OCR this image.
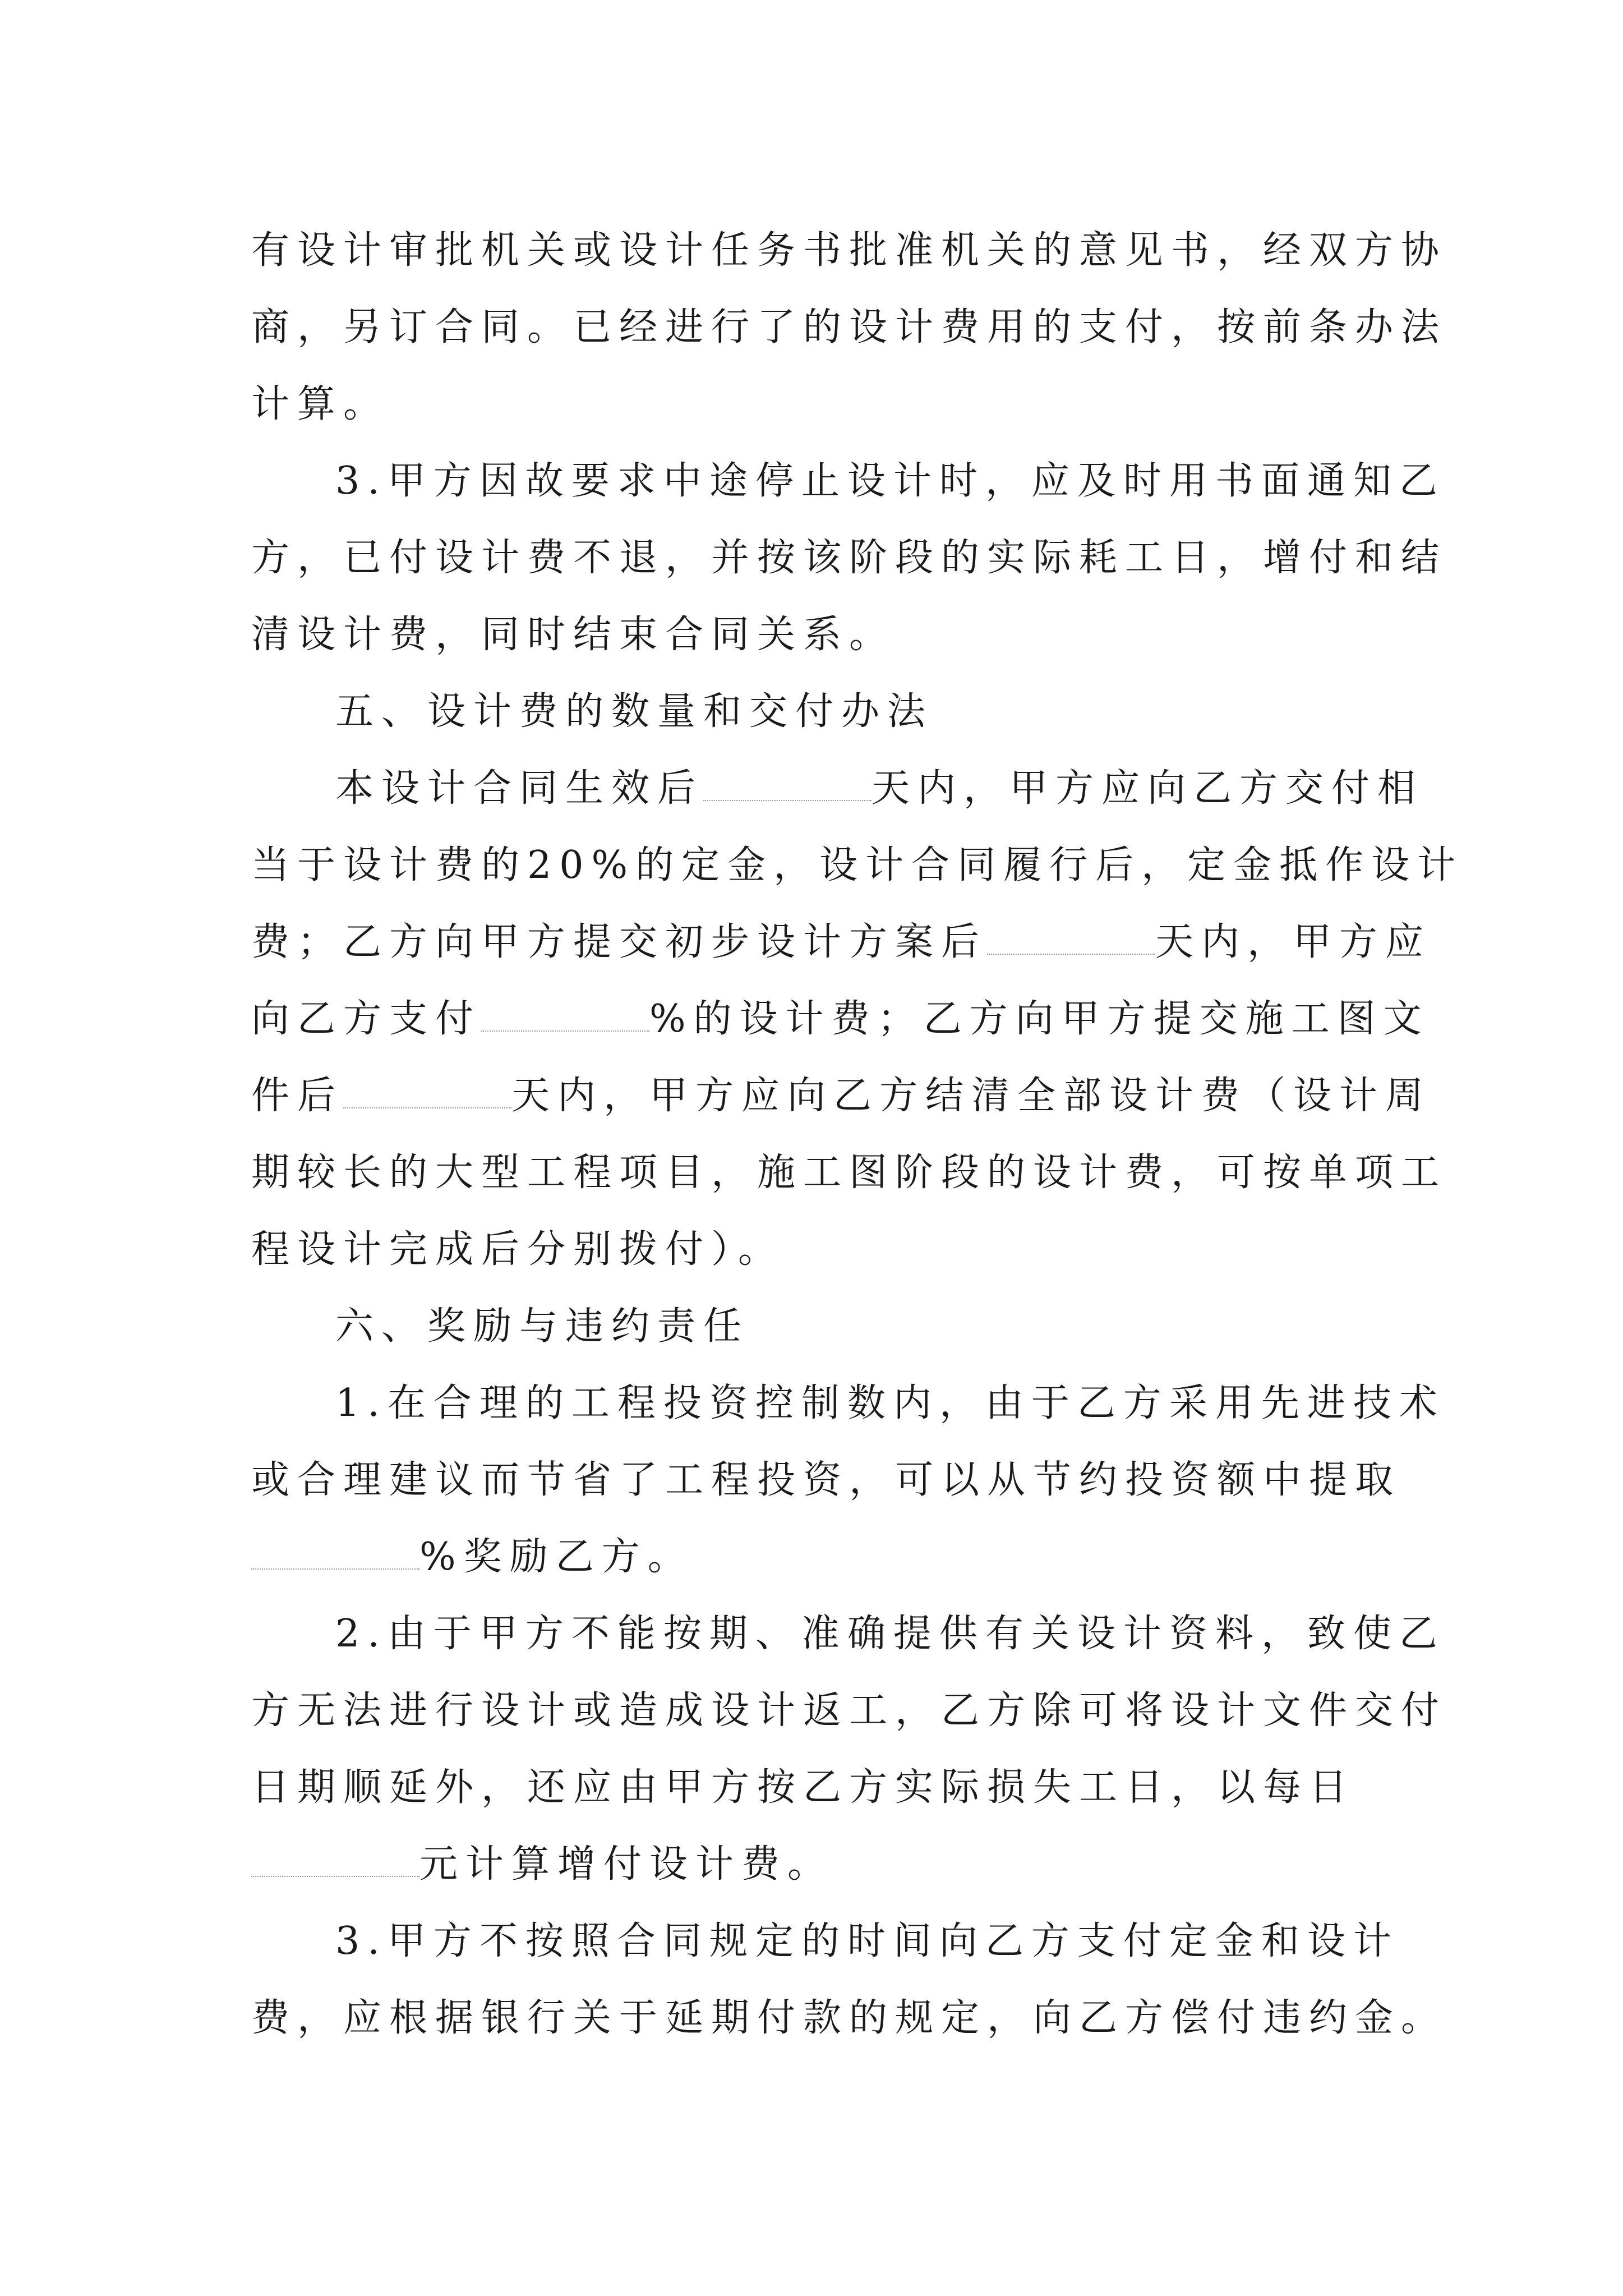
有设计审批机关或设计任务书批准机关的意见书，经双方协
商，另订合同。已经进行了的设计费用的支付，按前条办法
计算。
3.甲方因故要求中途停止设计时，应及时用书面通知乙
方，已付设计费不退，并按该阶段的实际耗工日，增付和结
清设计费，同时结束合同关系。
五、设计费的数量和交付办法
本设计合同生效后	天内，甲方应向乙方交付相
当于设计费的20%的定金，设计合同履行后，定金抵作设计
费；乙方向甲方提交初步设计方案后	天内，甲方应
向乙方支付	%的设计费；乙方向甲方提交施工图文
件后	天内，甲方应向乙方结清全部设计费（设计周
期较长的大型工程项目，施工图阶段的设计费，可按单项工
程设计完成后分别拨付）。
六、奖励与违约责任
1.在合理的工程投资控制数内，由于乙方采用先进技术
或合理建议而节省了工程投资，可以从节约投资额中提取
%奖励乙方。
2.由于甲方不能按期、准确提供有关设计资料，致使乙
方无法进行设计或造成设计返工，乙方除可将设计文件交付
日期顺延外，还应由甲方按乙方实际损失工日，以每日
元计算增付设计费。
3.甲方不按照合同规定的时间向乙方支付定金和设计
费，应根据银行关于延期付款的规定，向乙方偿付违约金。
